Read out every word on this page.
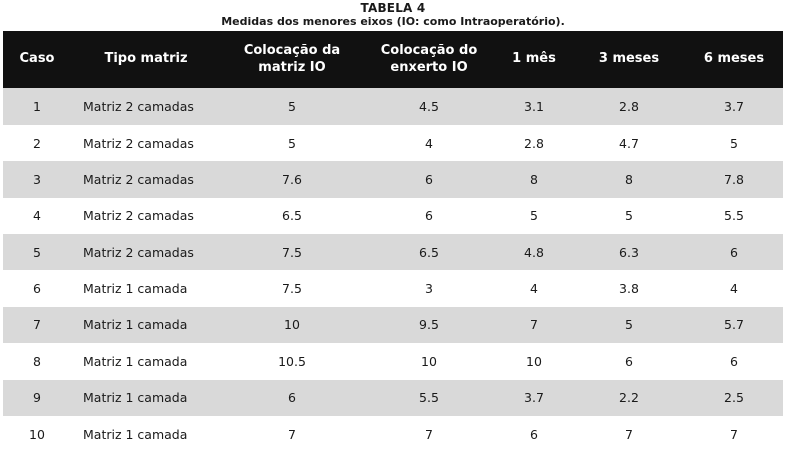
TABELA 4
Medidas dos menores eixos (IO: como Intraoperatório).
Caso	Tipo matriz	Colocação da matriz IO	Colocação do enxerto IO	1 mês	3 meses	6 meses
1	Matriz 2 camadas	5	4.5	3.1	2.8	3.7
2	Matriz 2 camadas	5	4	2.8	4.7	5
3	Matriz 2 camadas	7.6	6	8	8	7.8
4	Matriz 2 camadas	6.5	6	5	5	5.5
5	Matriz 2 camadas	7.5	6.5	4.8	6.3	6
6	Matriz 1 camada	7.5	3	4	3.8	4
7	Matriz 1 camada	10	9.5	7	5	5.7
8	Matriz 1 camada	10.5	10	10	6	6
9	Matriz 1 camada	6	5.5	3.7	2.2	2.5
10	Matriz 1 camada	7	7	6	7	7
